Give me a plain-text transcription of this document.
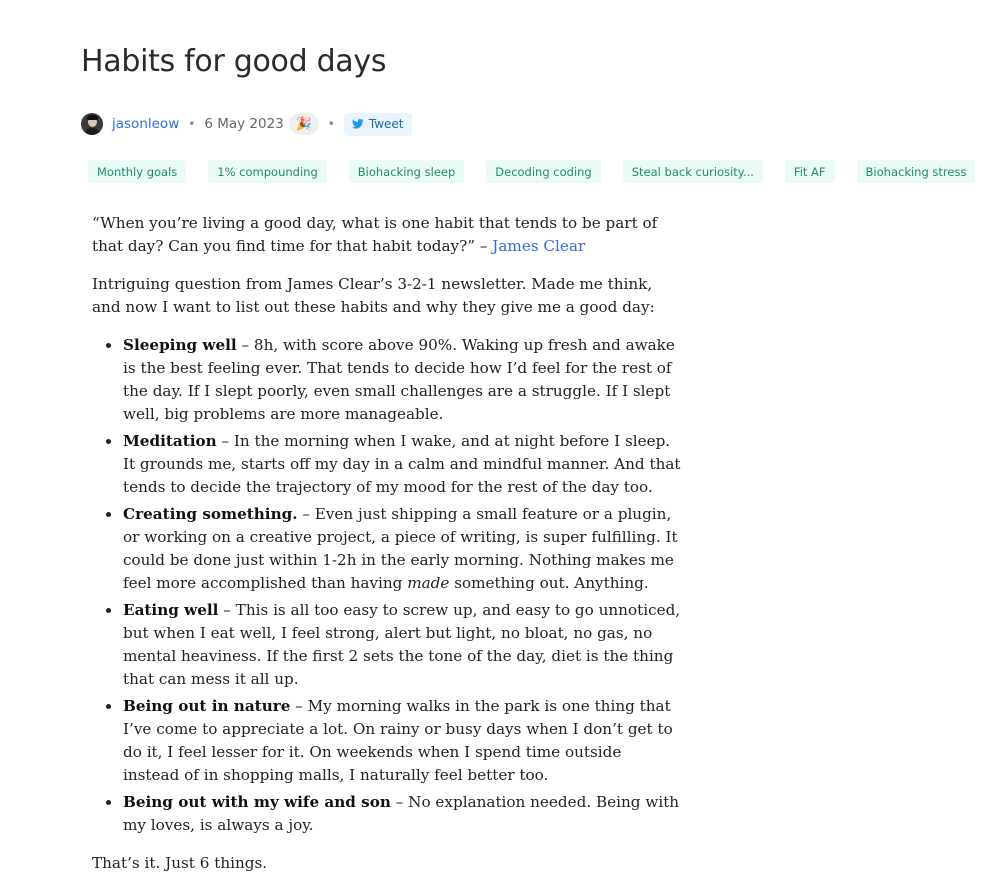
Habits for good days
jasonleow • 6 May 2023 🎉 •	Tweet
Monthly goals	1% compounding	Biohacking sleep	Decoding coding	Steal back curiosity...	Fit AF	Biohacking stress

“When you’re living a good day, what is one habit that tends to be part of that day? Can you find time for that habit today?” – James Clear

Intriguing question from James Clear’s 3-2-1 newsletter. Made me think, and now I want to list out these habits and why they give me a good day:

Sleeping well – 8h, with score above 90%. Waking up fresh and awake is the best feeling ever. That tends to decide how I’d feel for the rest of the day. If I slept poorly, even small challenges are a struggle. If I slept well, big problems are more manageable.
Meditation – In the morning when I wake, and at night before I sleep. It grounds me, starts off my day in a calm and mindful manner. And that tends to decide the trajectory of my mood for the rest of the day too.
Creating something. – Even just shipping a small feature or a plugin, or working on a creative project, a piece of writing, is super fulfilling. It could be done just within 1-2h in the early morning. Nothing makes me feel more accomplished than having made something out. Anything.
Eating well – This is all too easy to screw up, and easy to go unnoticed, but when I eat well, I feel strong, alert but light, no bloat, no gas, no mental heaviness. If the first 2 sets the tone of the day, diet is the thing that can mess it all up.
Being out in nature – My morning walks in the park is one thing that I’ve come to appreciate a lot. On rainy or busy days when I don’t get to do it, I feel lesser for it. On weekends when I spend time outside instead of in shopping malls, I naturally feel better too.
Being out with my wife and son – No explanation needed. Being with my loves, is always a joy.

That’s it. Just 6 things.
